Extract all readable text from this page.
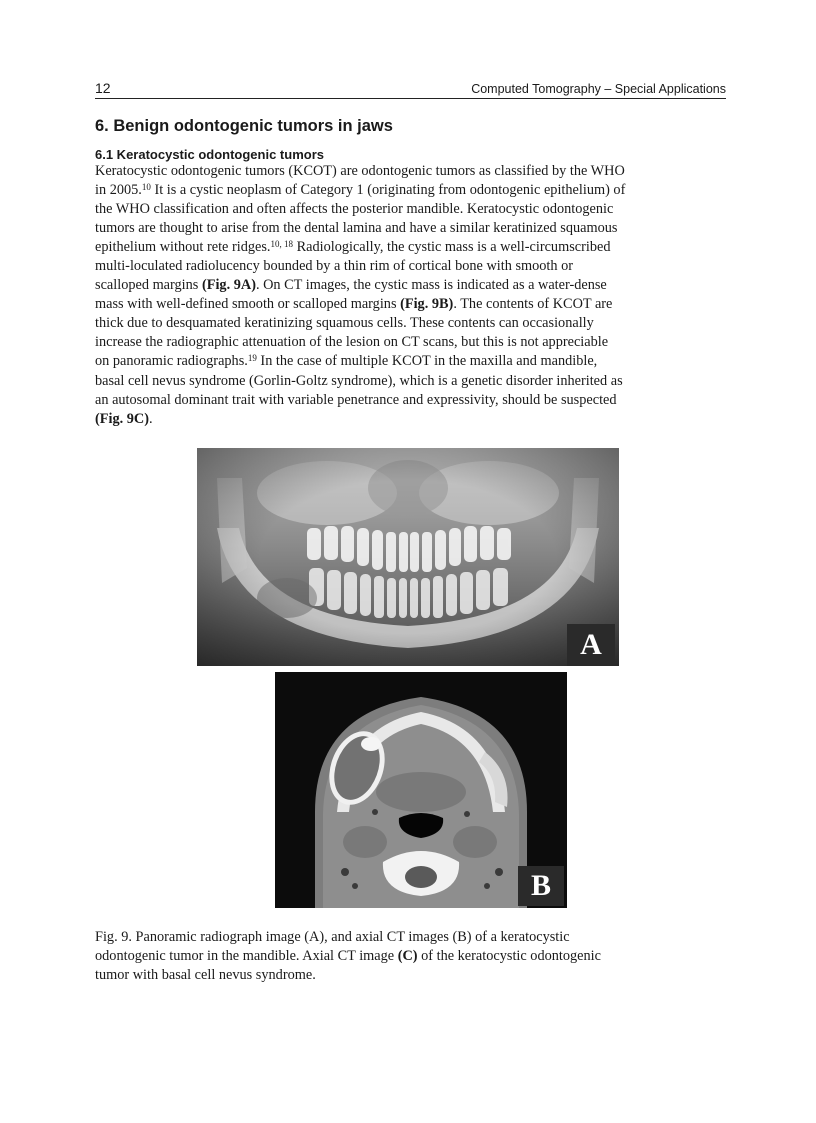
12	Computed Tomography – Special Applications
6. Benign odontogenic tumors in jaws
6.1 Keratocystic odontogenic tumors

Keratocystic odontogenic tumors (KCOT) are odontogenic tumors as classified by the WHO
in 2005.10 It is a cystic neoplasm of Category 1 (originating from odontogenic epithelium) of
the WHO classification and often affects the posterior mandible. Keratocystic odontogenic
tumors are thought to arise from the dental lamina and have a similar keratinized squamous
epithelium without rete ridges.$^{10, 18}$ Radiologically, the cystic mass is a well-circumscribed
multi-loculated radiolucency bounded by a thin rim of cortical bone with smooth or
scalloped margins (Fig. 9A). On CT images, the cystic mass is indicated as a water-dense
mass with well-defined smooth or scalloped margins (Fig. 9B). The contents of KCOT are
thick due to desquamated keratinizing squamous cells. These contents can occasionally
increase the radiographic attenuation of the lesion on CT scans, but this is not appreciable
on panoramic radiographs.$^{19}$ In the case of multiple KCOT in the maxilla and mandible,
basal cell nevus syndrome (Gorlin-Goltz syndrome), which is a genetic disorder inherited as
an autosomal dominant trait with variable penetrance and expressivity, should be suspected
(Fig. 9C).

A
B

Fig. 9. Panoramic radiograph image (A), and axial CT images (B) of a keratocystic
odontogenic tumor in the mandible. Axial CT image (C) of the keratocystic odontogenic
tumor with basal cell nevus syndrome.
